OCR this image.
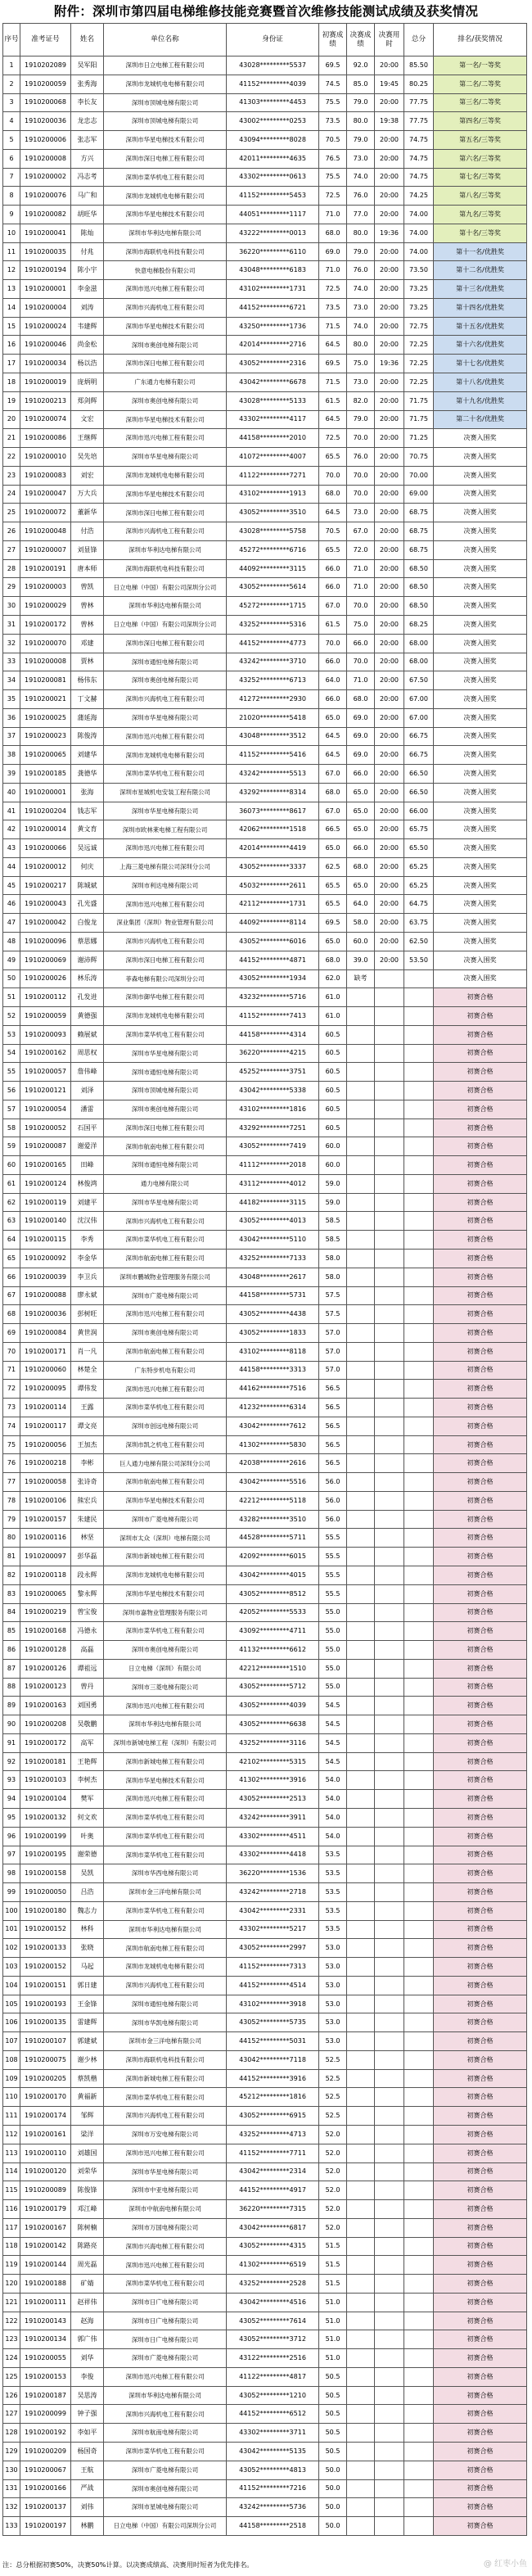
附件：深圳市第四届电梯维修技能竞赛暨首次维修技能测试成绩及获奖情况
序号	准考证号	姓名	单位名称	身份证	初赛成绩	决赛成绩	决赛用时	总分	排名/获奖情况
1	1910202089	吴军阳	深圳市日立电梯工程有限公司	43028*********5537	69.5	92.0	20:00	85.50	第一名/一等奖
2	1910200059	张秀海	深圳市龙城机电电梯有限公司	41152*********4039	74.5	85.0	19:45	80.25	第二名/二等奖
3	1910200068	李长友	深圳市顶城电梯有限公司	41303*********4453	75.5	79.0	20:00	77.75	第三名/二等奖
4	1910200036	龙忠志	深圳市顶城电梯有限公司	43002*********0253	73.5	80.0	19:38	77.75	第四名/三等奖
5	1910200006	张志军	深圳市华星电梯技术有限公司	43094*********8028	70.5	79.0	20:00	74.75	第五名/三等奖
6	1910200008	方兴	深圳市深日电梯工程有限公司	42011*********4635	76.5	73.0	20:00	74.75	第六名/三等奖
7	1910200002	冯志考	深圳市菜华机电工程有限公司	43302*********0613	75.5	74.0	20:00	74.75	第七名/三等奖
8	1910200076	马广和	深圳市龙城机电电梯有限公司	41152*********5453	72.5	76.0	20:00	74.25	第八名/三等奖
9	1910200082	胡旺华	深圳市华星电梯技术有限公司	44051*********1117	71.0	77.0	20:00	74.00	第九名/三等奖
10	1910200041	陈灿	深圳市华利达电梯有限公司	43222*********0013	68.0	80.0	19:36	74.00	第十名/三等奖
11	1910200035	付兆	深圳市海联机电科技有限公司	36220*********6110	69.0	79.0	20:00	74.00	第十一名/优胜奖
12	1910200194	陈小宇	快意电梯股份有限公司	43048*********6183	71.0	76.0	20:00	73.50	第十二名/优胜奖
13	1910200001	李金滋	深圳市迅兴电梯工程有限公司	43102*********1731	72.5	74.0	20:00	73.25	第十三名/优胜奖
14	1910200004	刘涛	深圳市兴海机电工程有限公司	44152*********6721	73.5	73.0	20:00	73.25	第十四名/优胜奖
15	1910200024	韦建辉	深圳市华星电梯技术有限公司	43250*********1736	71.5	74.0	20:00	72.75	第十五名/优胜奖
16	1910200046	尚金松	深圳市奥创电梯有限公司	42014*********2716	64.5	80.0	20:00	72.25	第十六名/优胜奖
17	1910200034	杨以浩	深圳市深日电梯工程有限公司	43052*********2316	69.5	75.0	19:36	72.25	第十七名/优胜奖
18	1910200019	庞炳明	广东通力电梯有限公司	43042*********6678	71.5	73.0	20:00	72.25	第十八名/优胜奖
19	1910200213	郑剑辉	深圳市奥创电梯有限公司	43028*********5133	61.5	82.0	20:00	71.75	第十九名/优胜奖
20	1910200074	文宏	深圳市华星电梯技术有限公司	43302*********4117	64.5	79.0	20:00	71.75	第二十名/优胜奖
21	1910200086	王继辉	深圳市迅兴电梯工程有限公司	44158*********2010	72.5	70.0	20:00	71.25	决赛入围奖
22	1910200010	吴先培	深圳市华星电梯有限公司	41072*********4007	65.5	76.0	20:00	70.75	决赛入围奖
23	1910200083	刘宏	深圳市龙城机电电梯有限公司	41122*********7271	70.0	70.0	20:00	70.00	决赛入围奖
24	1910200047	万大兵	深圳市华星电梯技术有限公司	43102*********1913	68.0	70.0	20:00	69.00	决赛入围奖
25	1910200072	董新华	深圳市深日电梯工程有限公司	43052*********3510	64.5	73.0	20:00	68.75	决赛入围奖
26	1910200048	付浩	深圳市兴海机电工程有限公司	43028*********5758	70.5	67.0	20:00	68.75	决赛入围奖
27	1910200007	刘显锋	深圳市华利达电梯有限公司	45272*********6716	65.5	72.0	20:00	68.75	决赛入围奖
28	1910200191	唐本师	深圳市海联机电科技有限公司	44092*********3115	66.0	71.0	20:00	68.50	决赛入围奖
29	1910200003	曾凯	日立电梯（中国）有限公司深圳分公司	43052*********5614	66.0	71.0	20:00	68.50	决赛入围奖
30	1910200029	曾林	深圳市华利达电梯有限公司	45272*********1715	67.0	70.0	20:00	68.50	决赛入围奖
31	1910200172	曾林	日立电梯（中国）有限公司深圳分公司	43252*********5316	61.5	75.0	20:00	68.25	决赛入围奖
32	1910200070	邓建	深圳市深日电梯工程有限公司	44152*********4773	70.0	66.0	20:00	68.00	决赛入围奖
33	1910200008	贾林	深圳市通恒电梯有限公司	43242*********3710	66.0	70.0	20:00	68.00	决赛入围奖
34	1910200081	杨伟东	深圳市奥创电梯有限公司	43252*********6713	64.0	71.0	20:00	67.50	决赛入围奖
35	1910200021	丁文赫	深圳市兴海机电工程有限公司	41272*********2930	66.0	68.0	20:00	67.00	决赛入围奖
36	1910200025	蒲延海	深圳市华星电梯有限公司	21020*********5418	65.0	69.0	20:00	67.00	决赛入围奖
37	1910200023	陈俊涛	深圳市迅兴电梯工程有限公司	43048*********3512	64.5	69.0	20:00	66.75	决赛入围奖
38	1910200065	刘建华	深圳市龙城机电电梯有限公司	41152*********5416	64.5	69.0	20:00	66.75	决赛入围奖
39	1910200185	龚德华	深圳市菜华机电工程有限公司	43242*********5513	67.0	66.0	20:00	66.50	决赛入围奖
40	1910200001	张海	深圳市星城机电安装工程有限公司	43292*********8314	68.0	65.0	20:00	66.50	决赛入围奖
41	1910200204	钱志军	深圳市华星电梯有限公司	36073*********8617	67.0	65.0	20:00	66.00	决赛入围奖
42	1910200014	黄文育	深圳市欧林莱电梯工程有限公司	42062*********1518	66.5	65.0	20:00	65.75	决赛入围奖
43	1910200066	吴远诚	深圳市迅兴电梯工程有限公司	42014*********4419	65.0	66.0	20:00	65.50	决赛入围奖
44	1910200012	何庆	上海三菱电梯有限公司深圳分公司	43052*********3337	62.5	68.0	20:00	65.25	决赛入围奖
45	1910200217	陈城斌	深圳市利达电梯有限公司	45032*********2611	65.5	65.0	20:00	65.25	决赛入围奖
46	1910200043	孔光盛	深圳市迅兴电梯工程有限公司	42112*********1731	65.5	64.0	20:00	64.75	决赛入围奖
47	1910200042	白俊龙	深业集团（深圳）物业管理有限公司	44092*********8114	69.5	58.0	20:00	63.75	决赛入围奖
48	1910200096	蔡思娜	深圳市兴海机电工程有限公司	43052*********6016	65.0	60.0	20:00	62.50	决赛入围奖
49	1910200069	谢沛辉	深圳市深日电梯工程有限公司	44152*********4871	68.0	39.0	20:00	53.50	决赛入围奖
50	1910200026	林乐涛	菲森电梯有限公司深圳分公司	43052*********1934	62.0	缺考			决赛入围奖
51	1910200112	孔发进	深圳市御华电梯工程有限公司	43232*********5716	61.0				初赛合格
52	1910200059	黄德强	深圳市龙城机电电梯有限公司	41152*********7413	61.0				初赛合格
53	1910200093	赖展斌	深圳市菜华机电工程有限公司	44158*********4314	60.5				初赛合格
54	1910200162	周思权	深圳市华星电梯有限公司	36220*********4215	60.5				初赛合格
55	1910200057	詹伟峰	深圳市通恒电梯有限公司	45252*********3751	60.5				初赛合格
56	1910200121	刘泽	深圳市顶城电梯有限公司	43042*********5338	60.5				初赛合格
57	1910200054	潘雷	深圳市奥创电梯有限公司	43102*********1816	60.5				初赛合格
58	1910200052	石国平	深圳市深日电梯工程有限公司	43292*********7251	60.5				初赛合格
59	1910200087	谢爱洋	深圳市航南电梯工程有限公司	43052*********7419	60.0				初赛合格
60	1910200165	田峰	深圳市通恒电梯有限公司	41112*********2018	60.0				初赛合格
61	1910200124	林俊鸿	通力电梯有限公司	43112*********4012	59.0				初赛合格
62	1910200119	刘建平	深圳市华星电梯有限公司	44182*********3115	59.0				初赛合格
63	1910200140	沈汉伟	深圳市兴海机电工程有限公司	43052*********4013	58.5				初赛合格
64	1910200115	李秀	深圳市菜华机电工程有限公司	43042*********5110	58.5				初赛合格
65	1910200092	李金华	深圳市航南电梯工程有限公司	43252*********7133	58.0				初赛合格
66	1910200039	李卫兵	深圳市鹏城物业管理服务有限公司	43048*********2617	58.0				初赛合格
67	1910200088	廖永斌	深圳市广菱电梯有限公司	44158*********5731	57.5				初赛合格
68	1910200036	彭树旺	深圳市迅兴电梯工程有限公司	43052*********4438	57.5				初赛合格
69	1910200084	黄世润	深圳市奥创电梯有限公司	43052*********1833	57.0				初赛合格
70	1910200171	肖一凡	深圳市航南电梯工程有限公司	43102*********8118	57.0				初赛合格
71	1910200060	林楚全	广东特步机电有限公司	44158*********3313	57.0				初赛合格
72	1910200095	谭伟发	深圳市迅兴电梯工程有限公司	44162*********7516	56.5				初赛合格
73	1910200114	王露	深圳市菜华机电工程有限公司	41232*********6314	56.5				初赛合格
74	1910200117	谭文亮	深圳市创远电梯有限公司	43042*********7612	56.5				初赛合格
75	1910200056	王加杰	深圳市凯之机电工程有限公司	41302*********5830	56.5				初赛合格
76	1910200218	李彬	巨人通力电梯有限公司深圳分公司	42038*********2616	56.5				初赛合格
77	1910200058	张诗奇	深圳市航南电梯工程有限公司	43042*********5516	56.0				初赛合格
78	1910200106	熊宏兵	深圳市华星电梯技术有限公司	42212*********5118	56.0				初赛合格
79	1910200157	朱建民	深圳市广菱电梯有限公司	43282*********3510	56.0				初赛合格
80	1910200116	林坚	深圳市太众（深圳）电梯有限公司	44528*********5711	55.5				初赛合格
81	1910200097	彭华磊	深圳市新城电梯工程有限公司	42092*********6015	55.5				初赛合格
82	1910200118	段永辉	深圳市龙城机电电梯有限公司	43042*********4015	55.5				初赛合格
83	1910200065	黎永辉	深圳市华星电梯技术有限公司	43052*********8512	55.5				初赛合格
84	1910200219	曾宝俊	深圳市嘉物业管理服务有限公司	42052*********5533	55.0				初赛合格
85	1910200168	冯德永	深圳市菜华机电工程有限公司	43092*********4711	55.0				初赛合格
86	1910200128	高磊	深圳市奥创电梯有限公司	41132*********6612	55.0				初赛合格
87	1910200126	谭祖远	日立电梯（深圳）有限公司	42212*********1510	55.0				初赛合格
88	1910200123	曾丹	深圳市三菱电梯有限公司	43052*********5712	55.0				初赛合格
89	1910200163	刘国勇	深圳市迅兴电梯工程有限公司	43052*********4039	54.5				初赛合格
90	1910200208	吴敬鹏	深圳市华利达电梯有限公司	43052*********6638	54.5				初赛合格
91	1910200172	高军	深圳市新城电梯工程（深圳）有限公司	43252*********3116	54.5				初赛合格
92	1910200181	王艳辉	深圳市新城电梯工程有限公司	42102*********5315	54.5				初赛合格
93	1910200103	李树杰	深圳市华星电梯技术有限公司	41302*********3916	54.0				初赛合格
94	1910200104	樊军	深圳市迅兴电梯工程有限公司	43052*********2513	54.0				初赛合格
95	1910200132	何文欢	深圳市菜华机电工程有限公司	43242*********3911	54.0				初赛合格
96	1910200199	叶奥	深圳市菜华机电工程有限公司	43302*********4511	54.0				初赛合格
97	1910200195	谢荣德	深圳市菜华机电工程有限公司	43302*********4418	53.5				初赛合格
98	1910200158	吴凯	深圳市华西电梯有限公司	36220*********1536	53.5				初赛合格
99	1910200050	吕浩	深圳市金三洋电梯有限公司	43242*********2718	53.5				初赛合格
100	1910200180	魏志力	深圳市菜华机电工程有限公司	43042*********2331	53.5				初赛合格
101	1910200152	林科	深圳市华利达电梯有限公司	43302*********5217	53.5				初赛合格
102	1910200133	张晓	深圳市航南电梯工程有限公司	43052*********2997	53.0				初赛合格
103	1910200152	马起	深圳市龙城机电电梯有限公司	41152*********7313	53.0				初赛合格
104	1910200151	郭日建	深圳市兴海机电工程有限公司	44152*********4514	53.0				初赛合格
105	1910200193	王金锋	深圳市通恒电梯有限公司	43102*********3918	53.0				初赛合格
106	1910200135	雷建辉	深圳市华凯电梯有限公司	43052*********5735	53.0				初赛合格
107	1910200107	郭建斌	深圳市金三洋电梯有限公司	44152*********5031	53.0				初赛合格
108	1910200075	谢少林	深圳市海联机电科技有限公司	43042*********7118	52.5				初赛合格
109	1910200205	蔡凯楷	深圳市新城电梯工程有限公司	44152*********3916	52.5				初赛合格
110	1910200170	黄福新	深圳市菜华机电工程有限公司	45212*********1816	52.5				初赛合格
111	1910200174	邹辉	深圳市兴海机电工程有限公司	43052*********6915	52.5				初赛合格
112	1910200161	梁洋	深圳市万安电梯有限公司	43252*********4713	52.0				初赛合格
113	1910200110	刘雄国	深圳市迅兴电梯工程有限公司	41152*********7711	52.0				初赛合格
114	1910200120	刘荣华	深圳市华星电梯有限公司	43042*********2314	52.0				初赛合格
115	1910200089	陈俊锋	深圳市中亚电梯有限公司	44152*********4917	52.0				初赛合格
116	1910200179	邓江峰	深圳市中航南电梯有限公司	36220*********7315	52.0				初赛合格
117	1910200167	陈树楠	深圳市万国电梯有限公司	43042*********6817	52.0				初赛合格
118	1910200142	陈路亮	深圳市兴海电梯工程有限公司	43052*********4315	51.5				初赛合格
119	1910200144	周光磊	深圳市迅兴电梯工程有限公司	41302*********6519	51.5				初赛合格
120	1910200188	矿婧	深圳市菜华机电工程有限公司	43252*********2528	51.5				初赛合格
121	1910200111	赵祥伟	深圳市日广电梯有限公司	43042*********4516	51.0				初赛合格
122	1910200143	赵海	深圳市日广电梯有限公司	43052*********7614	51.0				初赛合格
123	1910200134	郭广伟	深圳市日广电梯有限公司	43052*********3712	51.0				初赛合格
124	1910200055	刘华	深圳市广菱电梯有限公司	43122*********2516	51.0				初赛合格
125	1910200153	李俊	深圳市迅兴电梯工程有限公司	41122*********4817	50.5				初赛合格
126	1910200187	吴思涛	深圳市华利达电梯有限公司	43052*********1210	50.5				初赛合格
127	1910200099	钟子强	深圳市兴海机电工程有限公司	44152*********6512	50.5				初赛合格
128	1910200192	李如平	深圳市航南电梯有限公司	43302*********3711	50.5				初赛合格
129	1910200209	杨国奇	深圳市菜华机电工程有限公司	43042*********5135	50.5				初赛合格
130	1910200067	王航	深圳市广菱电梯有限公司	43052*********4813	50.0				初赛合格
131	1910200166	严战	深圳市奥创电梯有限公司	41152*********7216	50.0				初赛合格
132	1910200137	刘伟	深圳市星城电梯有限公司	43242*********5736	50.0				初赛合格
133	1910200197	林鹏	日立电梯（中国）有限公司深圳分公司	44158*********2518	50.0				初赛合格
注：总分根据初赛50%，决赛50%计算。以决赛成绩高、决赛用时短者为优先排名。	@ 红枣小鱼
